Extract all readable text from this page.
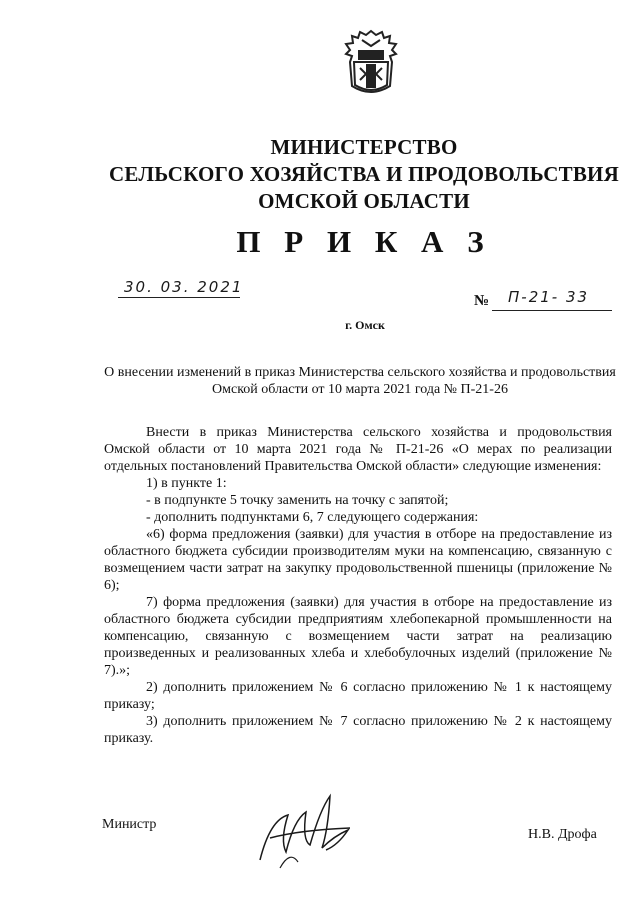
МИНИСТЕРСТВО
СЕЛЬСКОГО ХОЗЯЙСТВА И ПРОДОВОЛЬСТВИЯ
ОМСКОЙ ОБЛАСТИ
П Р И К А З
30. 03. 2021
№ П-21- 33
г. Омск
О внесении изменений в приказ Министерства сельского хозяйства и продовольствия Омской области от 10 марта 2021 года № П-21-26

Внести в приказ Министерства сельского хозяйства и продовольствия Омской области от 10 марта 2021 года № П-21-26 «О мерах по реализации отдельных постановлений Правительства Омской области» следующие изменения:

1) в пункте 1:

- в подпункте 5 точку заменить на точку с запятой;

- дополнить подпунктами 6, 7 следующего содержания:

«6) форма предложения (заявки) для участия в отборе на предоставление из областного бюджета субсидии производителям муки на компенсацию, связанную с возмещением части затрат на закупку продовольственной пшеницы (приложение № 6);

7) форма предложения (заявки) для участия в отборе на предоставление из областного бюджета субсидии предприятиям хлебопекарной промышленности на компенсацию, связанную с возмещением части затрат на реализацию произведенных и реализованных хлеба и хлебобулочных изделий (приложение № 7).»;

2) дополнить приложением № 6 согласно приложению № 1 к настоящему приказу;

3) дополнить приложением № 7 согласно приложению № 2 к настоящему приказу.

Министр
Н.В. Дрофа
